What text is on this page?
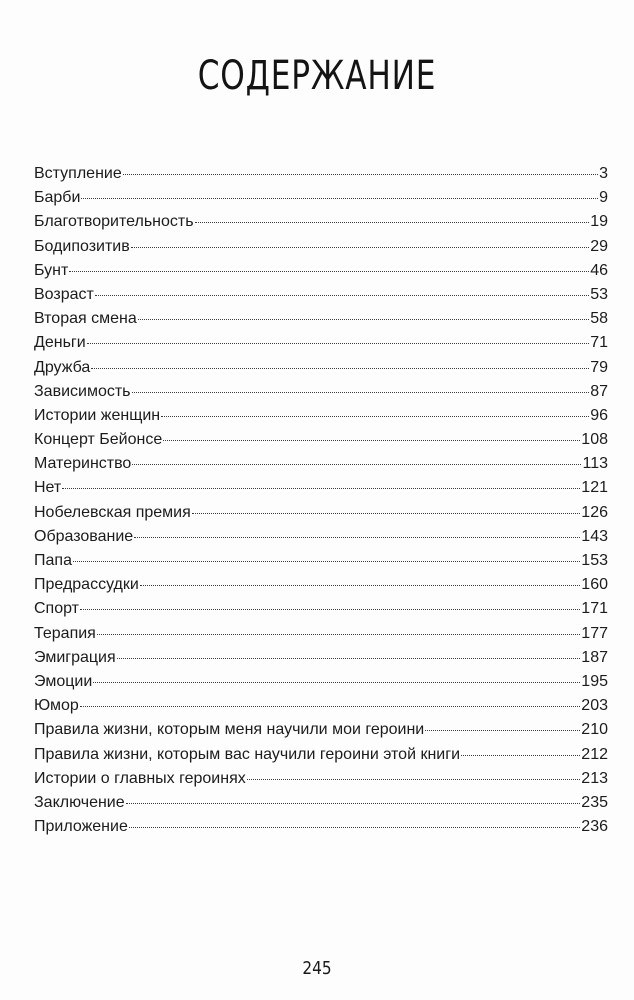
СОДЕРЖАНИЕ
Вступление	3
Барби	9
Благотворительность	19
Бодипозитив	29
Бунт	46
Возраст	53
Вторая смена	58
Деньги	71
Дружба	79
Зависимость	87
Истории женщин	96
Концерт Бейонсе	108
Материнство	113
Нет	121
Нобелевская премия	126
Образование	143
Папа	153
Предрассудки	160
Спорт	171
Терапия	177
Эмиграция	187
Эмоции	195
Юмор	203
Правила жизни, которым меня научили мои героини	210
Правила жизни, которым вас научили героини этой книги	212
Истории о главных героинях	213
Заключение	235
Приложение	236
245
